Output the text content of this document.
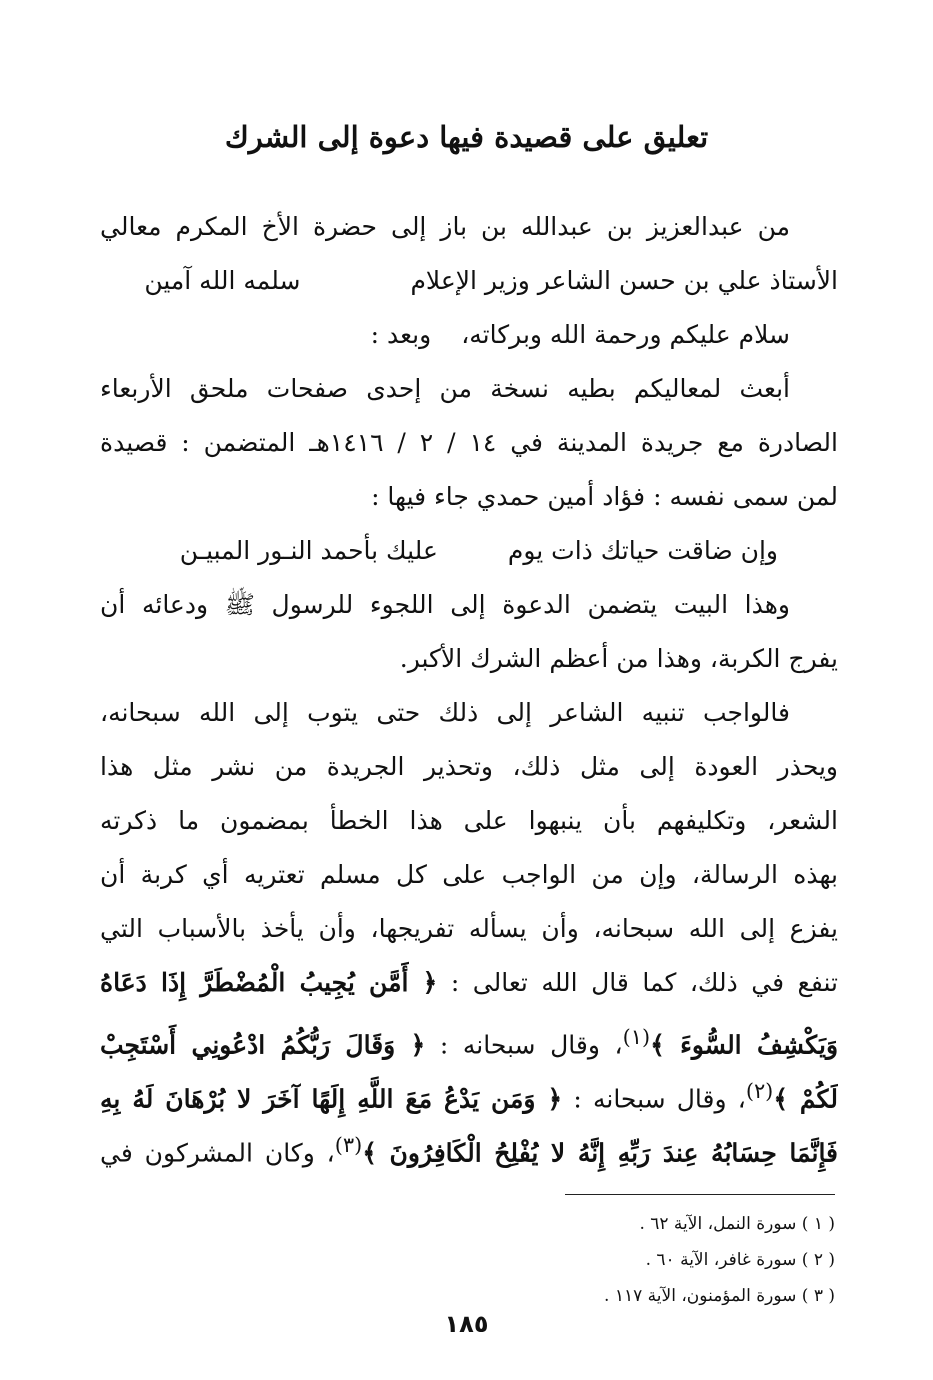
تعليق على قصيدة فيها دعوة إلى الشرك
من عبدالعزيز بن عبدالله بن باز إلى حضرة الأخ المكرم معالي
الأستاذ علي بن حسن الشاعر وزير الإعلامسلمه الله آمين
سلام عليكم ورحمة الله وبركاته،وبعد :
أبعث لمعاليكم بطيه نسخة من إحدى صفحات ملحق الأربعاء
الصادرة مع جريدة المدينة في ١٤ / ٢ / ١٤١٦هـ المتضمن : قصيدة
لمن سمى نفسه : فؤاد أمين حمدي جاء فيها :
وإن ضاقت حياتك ذات يومعليك بأحمد النـور المبيـن
وهذا البيت يتضمن الدعوة إلى اللجوء للرسول ﷺ ودعائه أن
يفرج الكربة، وهذا من أعظم الشرك الأكبر.
فالواجب تنبيه الشاعر إلى ذلك حتى يتوب إلى الله سبحانه،
ويحذر العودة إلى مثل ذلك، وتحذير الجريدة من نشر مثل هذا
الشعر، وتكليفهم بأن ينبهوا على هذا الخطأ بمضمون ما ذكرته
بهذه الرسالة، وإن من الواجب على كل مسلم تعتريه أي كربة أن
يفزع إلى الله سبحانه، وأن يسأله تفريجها، وأن يأخذ بالأسباب التي
تنفع في ذلك، كما قال الله تعالى : ﴿ أَمَّن يُجِيبُ الْمُضْطَرَّ إِذَا دَعَاهُ
وَيَكْشِفُ السُّوءَ ﴾$^{(١)}$، وقال سبحانه : ﴿ وَقَالَ رَبُّكُمُ ادْعُونِي أَسْتَجِبْ
لَكُمْ ﴾$^{(٢)}$، وقال سبحانه : ﴿ وَمَن يَدْعُ مَعَ اللَّهِ إِلَهًا آخَرَ لا بُرْهَانَ لَهُ بِهِ
فَإِنَّمَا حِسَابُهُ عِندَ رَبِّهِ إِنَّهُ لا يُفْلِحُ الْكَافِرُونَ ﴾$^{(٣)}$، وكان المشركون في
( ١ ) سورة النمل، الآية ٦٢ .
( ٢ ) سورة غافر، الآية ٦٠ .
( ٣ ) سورة المؤمنون، الآية ١١٧ .
١٨٥
